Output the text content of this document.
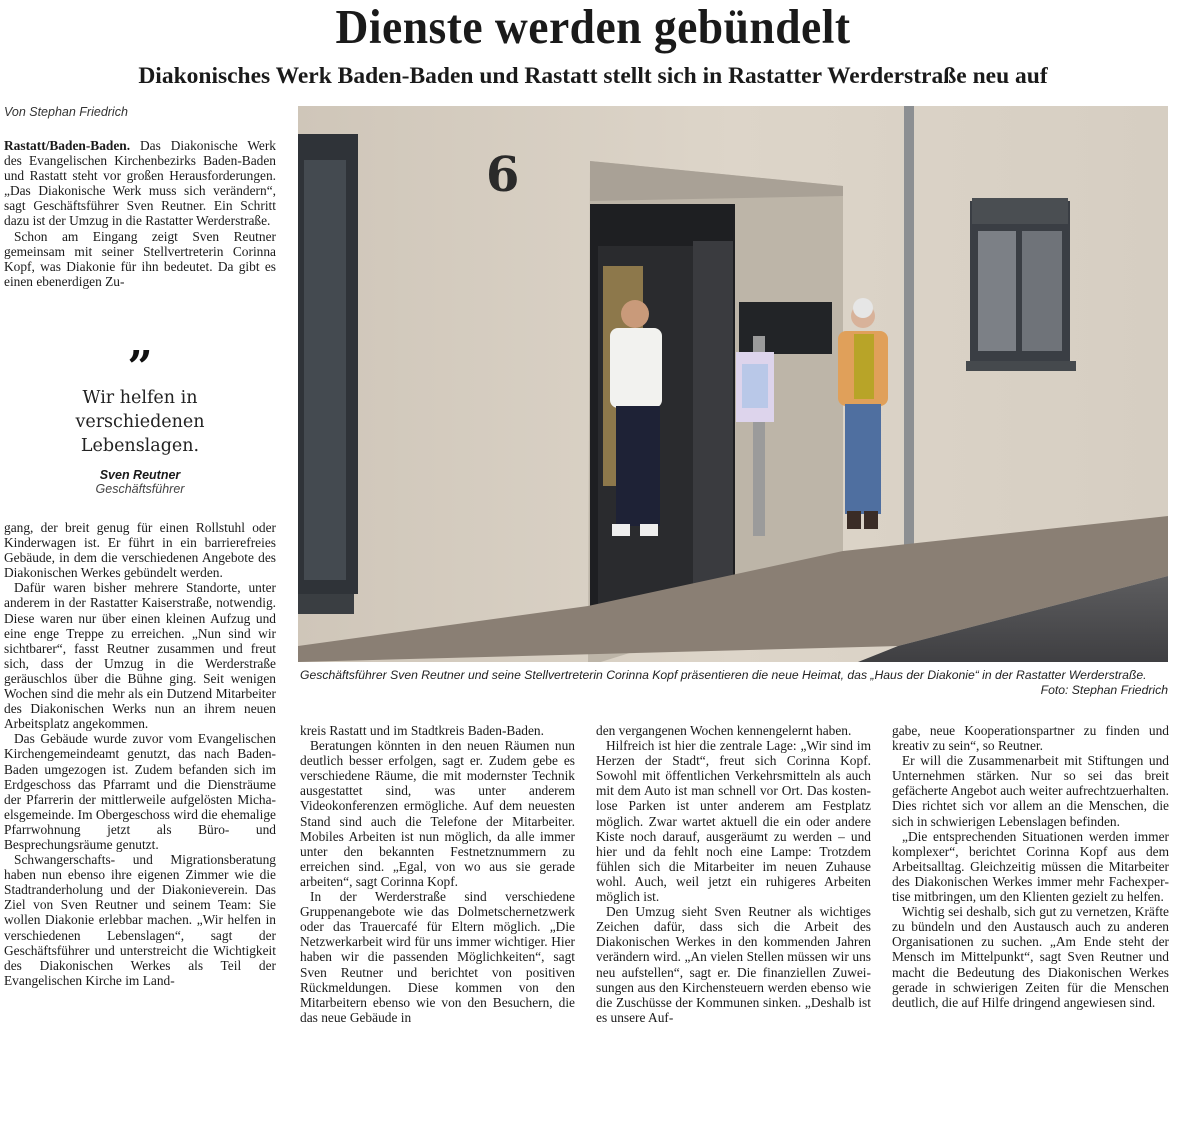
Dienste werden gebündelt
Diakonisches Werk Baden-Baden und Rastatt stellt sich in Rastatter Werderstraße neu auf
Von Stephan Friedrich

Rastatt/Baden-Baden. Das Diakonische Werk des Evangelischen Kirchenbezirks Baden-Baden und Rastatt steht vor großen Herausforderungen. „Das Diakonische Werk muss sich verändern“, sagt Geschäftsführer Sven Reutner. Ein Schritt dazu ist der Umzug in die Rastatter Werderstraße.

Schon am Eingang zeigt Sven Reutner gemeinsam mit seiner Stellvertreterin Corinna Kopf, was Diakonie für ihn bedeutet. Da gibt es einen ebenerdigen Zu-

”
Wir helfen in verschiedenen Lebenslagen.
Sven Reutner
Geschäftsführer

gang, der breit genug für einen Rollstuhl oder Kinderwagen ist. Er führt in ein barrierefreies Gebäude, in dem die verschiedenen Angebote des Diakonischen Werkes gebündelt werden.

Dafür waren bisher mehrere Standorte, unter anderem in der Rastatter Kaiserstraße, notwendig. Diese waren nur über einen kleinen Aufzug und eine enge Treppe zu erreichen. „Nun sind wir sichtbarer“, fasst Reutner zusammen und freut sich, dass der Umzug in die Werderstraße geräuschlos über die Bühne ging. Seit wenigen Wochen sind die mehr als ein Dutzend Mitarbeiter des Diakonischen Werks nun an ihrem neuen Arbeitsplatz angekommen.

Das Gebäude wurde zuvor vom Evangelischen Kirchengemeindeamt genutzt, das nach Baden-Baden umgezogen ist. Zudem befanden sich im Erdgeschoss das Pfarramt und die Diensträume der Pfarrerin der mittlerweile aufgelösten Michaelsgemeinde. Im Obergeschoss wird die ehemalige Pfarrwohnung jetzt als Büro- und Besprechungsräume genutzt.

Schwangerschafts- und Migrationsberatung haben nun ebenso ihre eigenen Zimmer wie die Stadtranderholung und der Diakonieverein. Das Ziel von Sven Reutner und seinem Team: Sie wollen Diakonie erlebbar machen. „Wir helfen in verschiedenen Lebenslagen“, sagt der Geschäftsführer und unterstreicht die Wichtigkeit des Diakonischen Werkes als Teil der Evangelischen Kirche im Land-

6
Geschäftsführer Sven Reutner und seine Stellvertreterin Corinna Kopf präsentieren die neue Heimat, das „Haus der Diakonie“ in der Rastatter Werderstraße.
Foto: Stephan Friedrich

kreis Rastatt und im Stadtkreis Baden-Baden.

Beratungen könnten in den neuen Räumen nun deutlich besser erfolgen, sagt er. Zudem gebe es verschiedene Räume, die mit modernster Technik ausgestattet sind, was unter anderem Videokonferenzen ermögliche. Auf dem neuesten Stand sind auch die Telefone der Mitarbeiter. Mobiles Arbeiten ist nun möglich, da alle immer unter den bekannten Festnetznummern zu erreichen sind. „Egal, von wo aus sie gerade arbeiten“, sagt Corinna Kopf.

In der Werderstraße sind verschiedene Gruppenangebote wie das Dolmetschernetzwerk oder das Trauercafé für Eltern möglich. „Die Netzwerkarbeit wird für uns immer wichtiger. Hier haben wir die passenden Möglichkeiten“, sagt Sven Reutner und berichtet von positiven Rückmeldungen. Diese kommen von den Mitarbeitern ebenso wie von den Besuchern, die das neue Gebäude in

den vergangenen Wochen kennengelernt haben.

Hilfreich ist hier die zentrale Lage: „Wir sind im Herzen der Stadt“, freut sich Corinna Kopf. Sowohl mit öffentlichen Verkehrsmitteln als auch mit dem Auto ist man schnell vor Ort. Das kostenlose Parken ist unter anderem am Festplatz möglich. Zwar wartet aktuell die ein oder andere Kiste noch darauf, ausgeräumt zu werden – und hier und da fehlt noch eine Lampe: Trotzdem fühlen sich die Mitarbeiter im neuen Zuhause wohl. Auch, weil jetzt ein ruhigeres Arbeiten möglich ist.

Den Umzug sieht Sven Reutner als wichtiges Zeichen dafür, dass sich die Arbeit des Diakonischen Werkes in den kommenden Jahren verändern wird. „An vielen Stellen müssen wir uns neu aufstellen“, sagt er. Die finanziellen Zuweisungen aus den Kirchensteuern werden ebenso wie die Zuschüsse der Kommunen sinken. „Deshalb ist es unsere Auf-

gabe, neue Kooperationspartner zu finden und kreativ zu sein“, so Reutner.

Er will die Zusammenarbeit mit Stiftungen und Unternehmen stärken. Nur so sei das breit gefächerte Angebot auch weiter aufrechtzuerhalten. Dies richtet sich vor allem an die Menschen, die sich in schwierigen Lebenslagen befinden.

„Die entsprechenden Situationen werden immer komplexer“, berichtet Corinna Kopf aus dem Arbeitsalltag. Gleichzeitig müssen die Mitarbeiter des Diakonischen Werkes immer mehr Fachexpertise mitbringen, um den Klienten gezielt zu helfen.

Wichtig sei deshalb, sich gut zu vernetzen, Kräfte zu bündeln und den Austausch auch zu anderen Organisationen zu suchen. „Am Ende steht der Mensch im Mittelpunkt“, sagt Sven Reutner und macht die Bedeutung des Diakonischen Werkes gerade in schwierigen Zeiten für die Menschen deutlich, die auf Hilfe dringend angewiesen sind.
